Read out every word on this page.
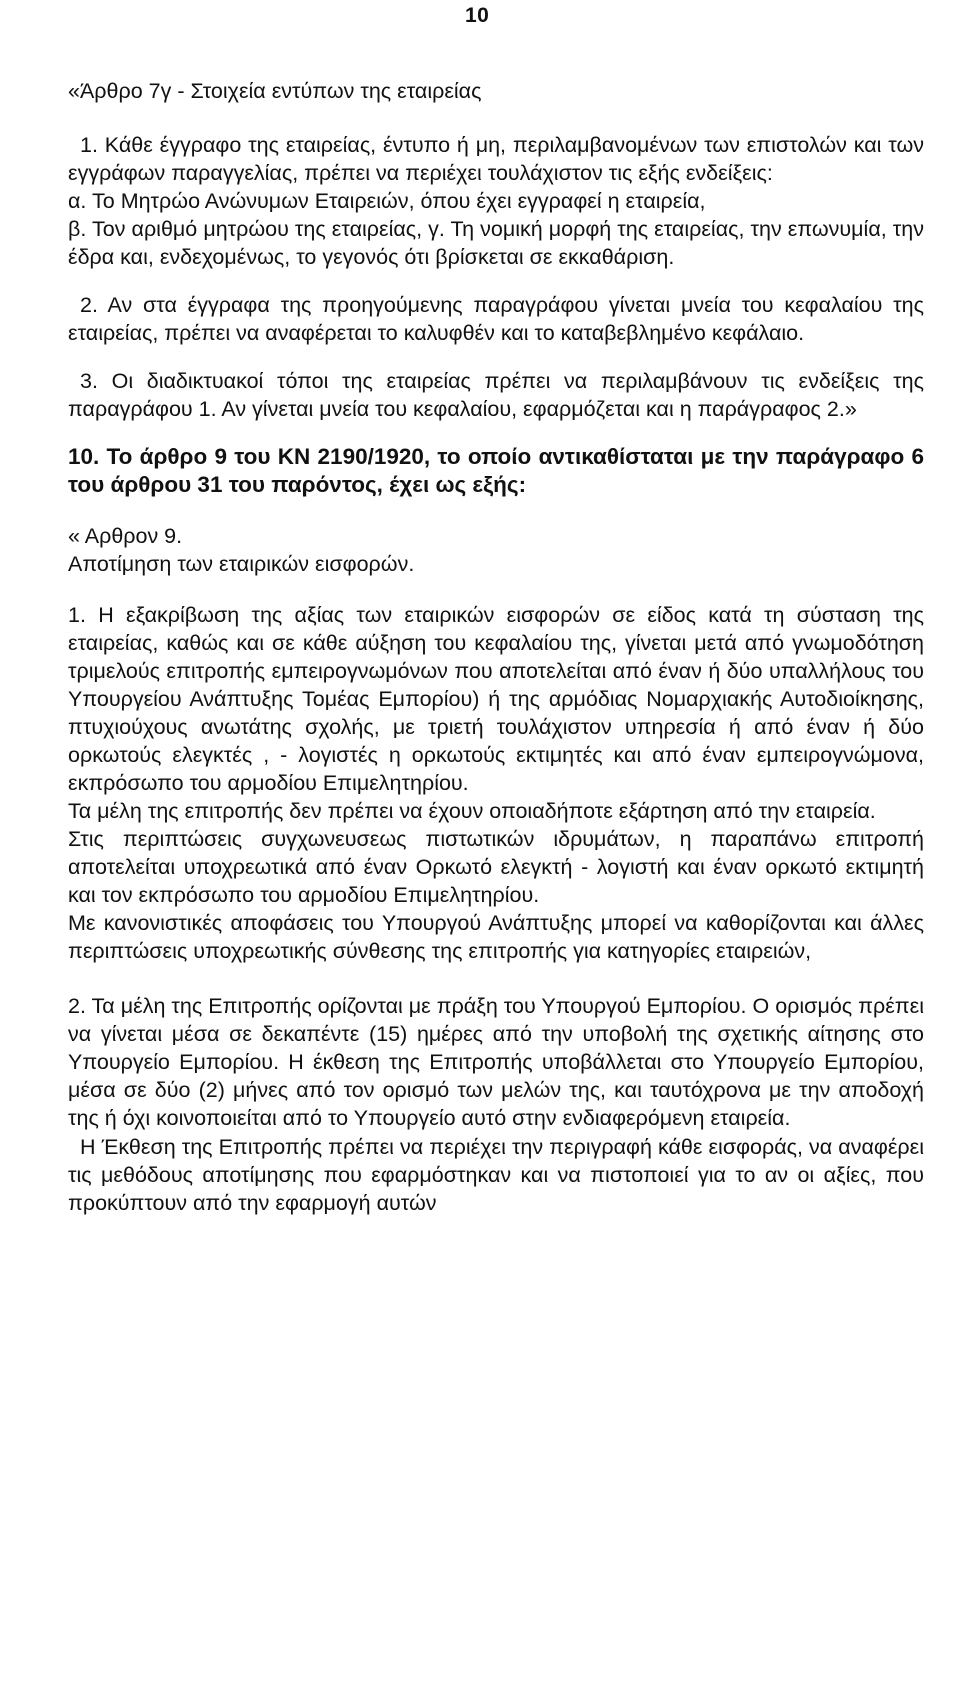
10

«Άρθρο 7γ - Στοιχεία εντύπων της εταιρείας

1. Κάθε έγγραφο της εταιρείας, έντυπο ή μη, περιλαμβανομένων των επιστολών και των εγγράφων παραγγελίας, πρέπει να περιέχει τουλάχιστον τις εξής ενδείξεις:

α. Το Μητρώο Ανώνυμων Εταιρειών, όπου έχει εγγραφεί η εταιρεία,

β. Τον αριθμό μητρώου της εταιρείας, γ. Τη νομική μορφή της εταιρείας, την επωνυμία, την έδρα και, ενδεχομένως, το γεγονός ότι βρίσκεται σε εκκαθάριση.

2. Αν στα έγγραφα της προηγούμενης παραγράφου γίνεται μνεία του κεφαλαίου της εταιρείας, πρέπει να αναφέρεται το καλυφθέν και το καταβεβλημένο κεφάλαιο.

3. Οι διαδικτυακοί τόποι της εταιρείας πρέπει να περιλαμβάνουν τις ενδείξεις της παραγράφου 1. Αν γίνεται μνεία του κεφαλαίου, εφαρμόζεται και η παράγραφος 2.»

10. Το άρθρο 9 του ΚΝ 2190/1920, το οποίο αντικαθίσταται με την παράγραφο 6 του άρθρου 31 του παρόντος, έχει ως εξής:

« Αρθρον 9.

Αποτίμηση των εταιρικών εισφορών.

1. Η εξακρίβωση της αξίας των εταιρικών εισφορών σε είδος κατά τη σύσταση της εταιρείας, καθώς και σε κάθε αύξηση του κεφαλαίου της, γίνεται μετά από γνωμοδότηση τριμελούς επιτροπής εμπειρογνωμόνων που αποτελείται από έναν ή δύο υπαλλήλους του Υπουργείου Ανάπτυξης Τομέας Εμπορίου) ή της αρμόδιας Νομαρχιακής Αυτοδιοίκησης, πτυχιούχους ανωτάτης σχολής, με τριετή τουλάχιστον υπηρεσία ή από έναν ή δύο ορκωτούς ελεγκτές , - λογιστές η ορκωτούς εκτιμητές και από έναν εμπειρογνώμονα, εκπρόσωπο του αρμοδίου Επιμελητηρίου.

Τα μέλη της επιτροπής δεν πρέπει να έχουν οποιαδήποτε εξάρτηση από την εταιρεία.

Στις περιπτώσεις συγχωνευσεως πιστωτικών ιδρυμάτων, η παραπάνω επιτροπή αποτελείται υποχρεωτικά από έναν Ορκωτό ελεγκτή - λογιστή και έναν ορκωτό εκτιμητή και τον εκπρόσωπο του αρμοδίου Επιμελητηρίου.

Με κανονιστικές αποφάσεις του Υπουργού Ανάπτυξης μπορεί να καθορίζονται και άλλες περιπτώσεις υποχρεωτικής σύνθεσης της επιτροπής για κατηγορίες εταιρειών,

2. Τα μέλη της Επιτροπής ορίζονται με πράξη του Υπουργού Εμπορίου. Ο ορισμός πρέπει να γίνεται μέσα σε δεκαπέντε (15) ημέρες από την υποβολή της σχετικής αίτησης στο Υπουργείο Εμπορίου. Η έκθεση της Επιτροπής υποβάλλεται στο Υπουργείο Εμπορίου, μέσα σε δύο (2) μήνες από τον ορισμό των μελών της, και ταυτόχρονα με την αποδοχή της ή όχι κοινοποιείται από το Υπουργείο αυτό στην ενδιαφερόμενη εταιρεία.

Η Έκθεση της Επιτροπής πρέπει να περιέχει την περιγραφή κάθε εισφοράς, να αναφέρει τις μεθόδους αποτίμησης που εφαρμόστηκαν και να πιστοποιεί για το αν οι αξίες, που προκύπτουν από την εφαρμογή αυτών
